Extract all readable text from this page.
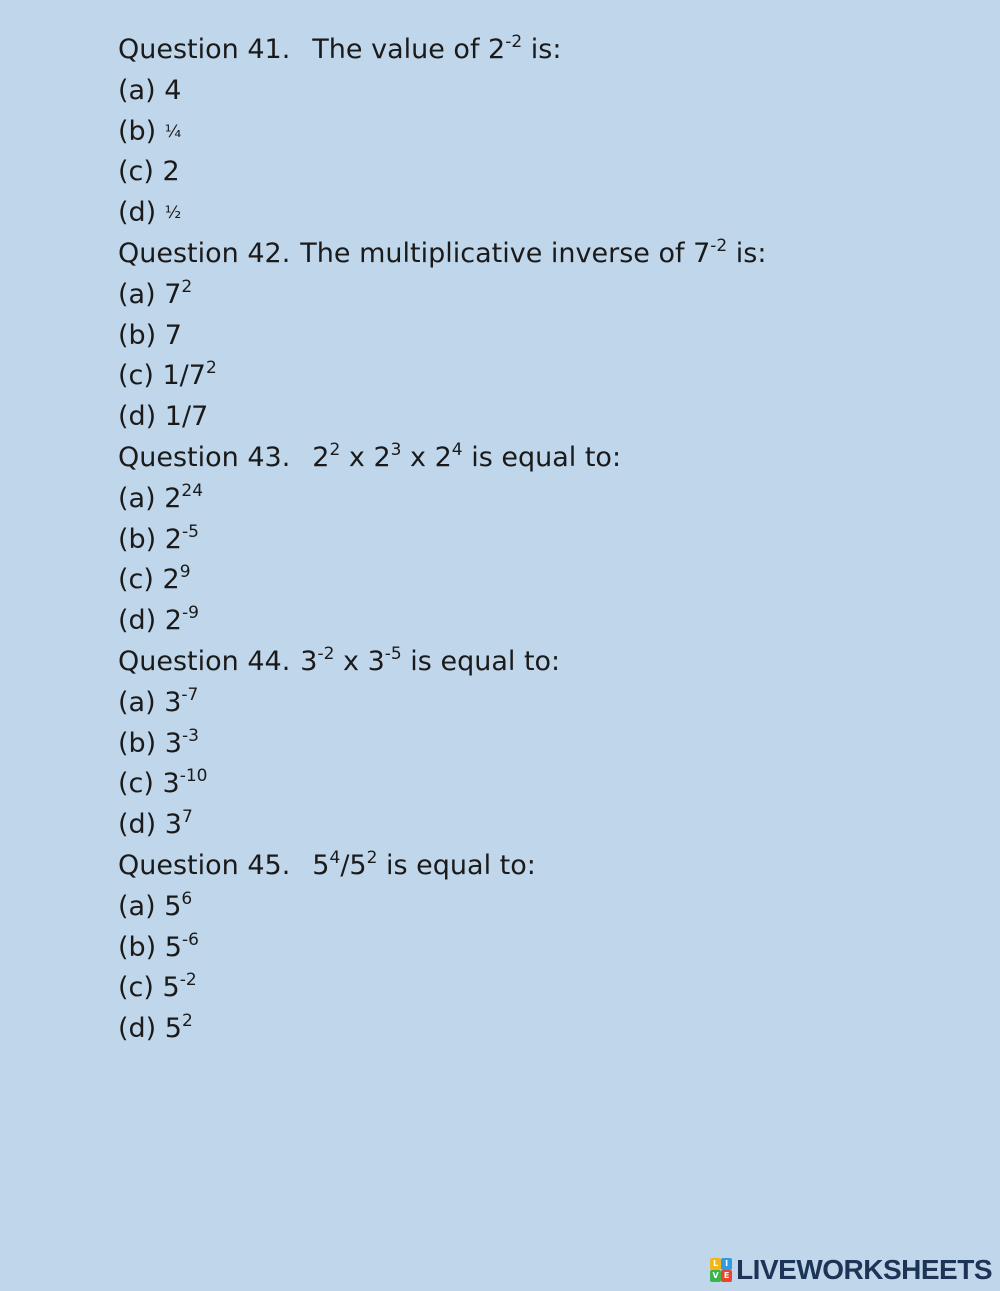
Question 41. The value of $2^{-2}$ is:
(a) 4
(b) ¼
(c) 2
(d) ½
Question 42. The multiplicative inverse of $7^{-2}$ is:
(a) $7^2$
(b) 7
(c) $1/7^2$
(d) 1/7
Question 43. $2^2$ x $2^3$ x $2^4$ is equal to:
(a) $2^{24}$
(b) $2^{-5}$
(c) $2^9$
(d) $2^{-9}$
Question 44. $3^{-2}$ x $3^{-5}$ is equal to:
(a) $3^{-7}$
(b) $3^{-3}$
(c) $3^{-10}$
(d) $3^7$
Question 45. $5^4/5^2$ is equal to:
(a) $5^6$
(b) $5^{-6}$
(c) $5^{-2}$
(d) $5^2$
L I
V E LIVEWORKSHEETS
